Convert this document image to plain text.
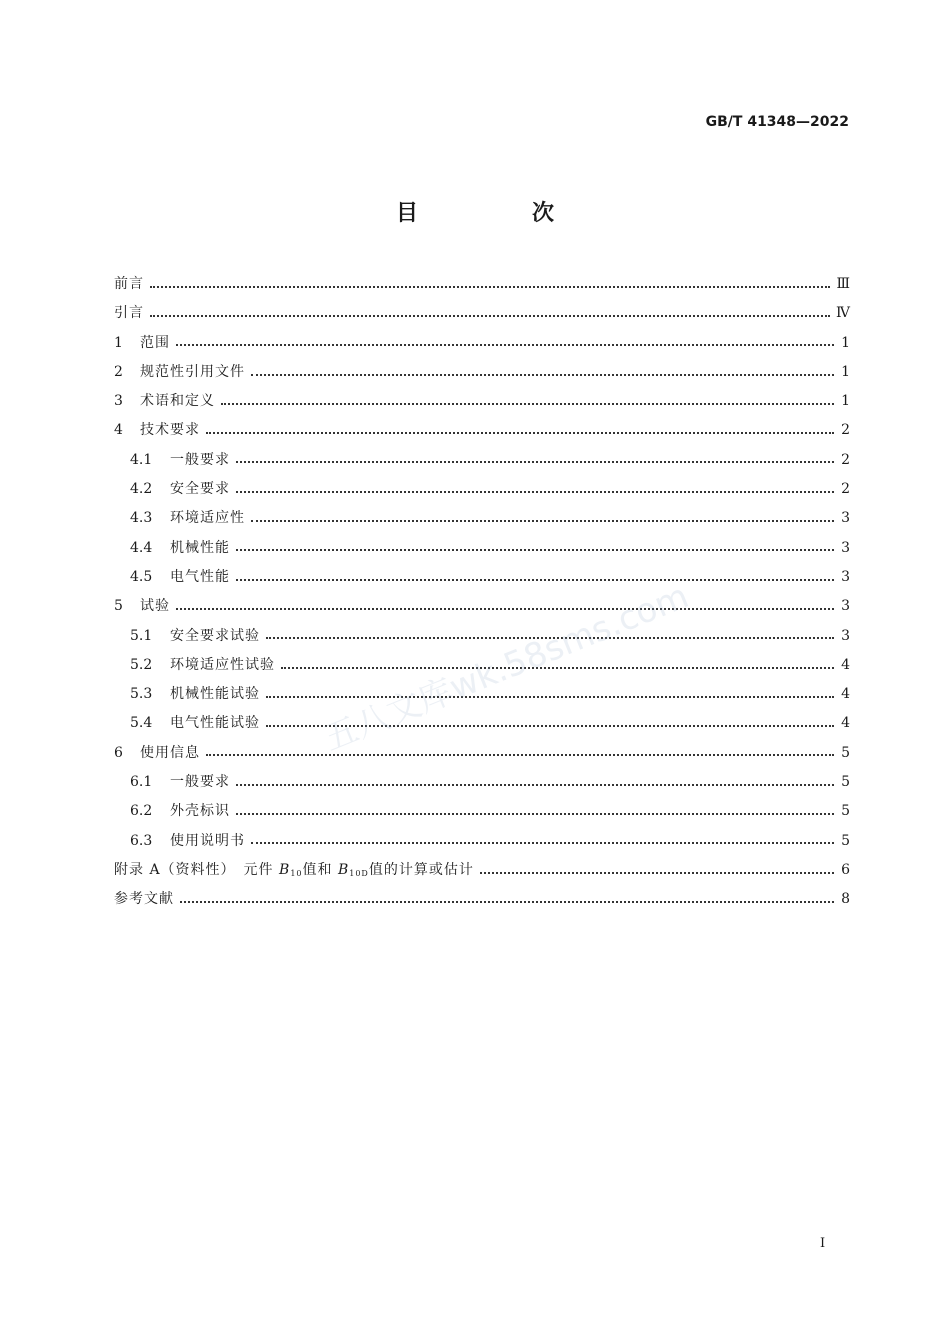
GB/T 41348—2022
目　次
前言	Ⅲ
引言	Ⅳ
1	范围	1
2	规范性引用文件	1
3	术语和定义	1
4	技术要求	2
4.1	一般要求	2
4.2	安全要求	2
4.3	环境适应性	3
4.4	机械性能	3
4.5	电气性能	3
5	试验	3
5.1	安全要求试验	3
5.2	环境适应性试验	4
5.3	机械性能试验	4
5.4	电气性能试验	4
6	使用信息	5
6.1	一般要求	5
6.2	外壳标识	5
6.3	使用说明书	5
附录 A（资料性）　元件 B10值和 B10D值的计算或估计	6
参考文献	8
五八文库wk.58sms.com
I
